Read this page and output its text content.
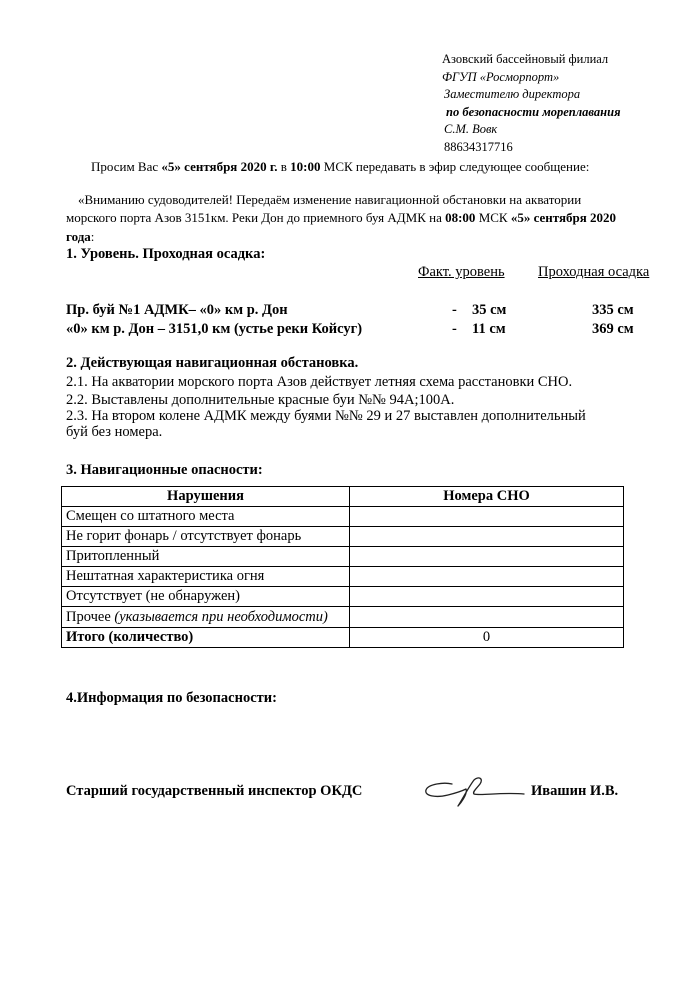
Азовский бассейновый филиал
ФГУП «Росморпорт»
Заместителю директора
по безопасности мореплавания
С.М. Вовк
88634317716
Просим Вас «5» сентября 2020 г. в 10:00 МСК передавать в эфир следующее сообщение:
«Вниманию судоводителей! Передаём изменение навигационной обстановки на акватории
морского порта Азов 3151км. Реки Дон до приемного буя АДМК на 08:00 МСК «5» сентября 2020
года:
1. Уровень. Проходная осадка:
Факт. уровень Проходная осадка
Пр. буй №1 АДМК– «0» км р. Дон	- 35 см	335 см
«0» км р. Дон – 3151,0 км (устье реки Койсуг)	- 11 см	369 см
2. Действующая навигационная обстановка.
2.1. На акватории морского порта Азов действует летняя схема расстановки СНО.
2.2. Выставлены дополнительные красные буи №№ 94А;100А.
2.3. На втором колене АДМК между буями №№ 29 и 27 выставлен дополнительный
буй без номера.
3. Навигационные опасности:
Нарушения	Номера СНО
Смещен со штатного места	
Не горит фонарь / отсутствует фонарь	
Притопленный	
Нештатная характеристика огня	
Отсутствует (не обнаружен)	
Прочее (указывается при необходимости)	
Итого (количество)	0
4.Информация по безопасности:
Старший государственный инспектор ОКДС	Ивашин И.В.
